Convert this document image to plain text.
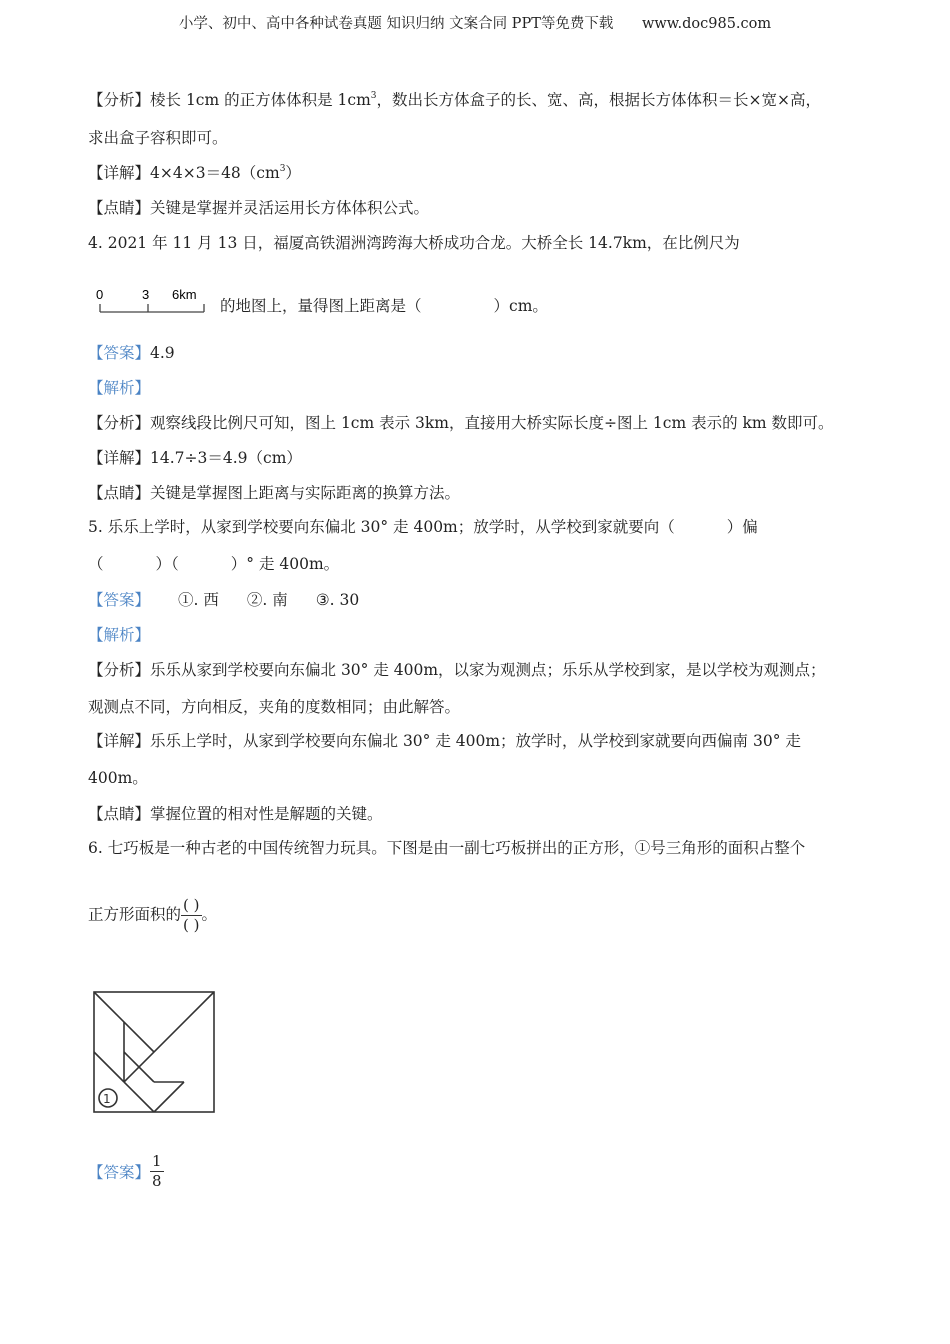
小学、初中、高中各种试卷真题 知识归纳 文案合同 PPT等免费下载 www.doc985.com
【分析】棱长 1cm 的正方体体积是 $1cm^3$，数出长方体盒子的长、宽、高，根据长方体体积＝长×宽×高，
求出盒子容积即可。
【详解】$4\times 4\times 3=48(cm^3)$
【点睛】关键是掌握并灵活运用长方体体积公式。
4. 2021 年 11 月 13 日，福厦高铁湄洲湾跨海大桥成功合龙。大桥全长 14.7km，在比例尺为
0	3 6km
的地图上，量得图上距离是（	）cm。
【答案】4.9
【解析】
【分析】观察线段比例尺可知，图上 1cm 表示 3km，直接用大桥实际长度÷图上 1cm 表示的 km 数即可。
【详解】14.7÷3＝4.9（cm）
【点睛】关键是掌握图上距离与实际距离的换算方法。
5. 乐乐上学时，从家到学校要向东偏北 30° 走 400m；放学时，从学校到家就要向（	）偏
（	）（	）° 走 400m。
【答案】 ①. 西 ②. 南 ③. 30
【解析】
【分析】乐乐从家到学校要向东偏北 30° 走 400m，以家为观测点；乐乐从学校到家，是以学校为观测点；
观测点不同，方向相反，夹角的度数相同；由此解答。
【详解】乐乐上学时，从家到学校要向东偏北 30° 走 400m；放学时，从学校到家就要向西偏南 30° 走
400m。
【点睛】掌握位置的相对性是解题的关键。
6. 七巧板是一种古老的中国传统智力玩具。下图是由一副七巧板拼出的正方形，①号三角形的面积占整个
正方形面积的 $\frac{( )}{( )}$ 。
1
【答案】 $\frac{1}{8}$
